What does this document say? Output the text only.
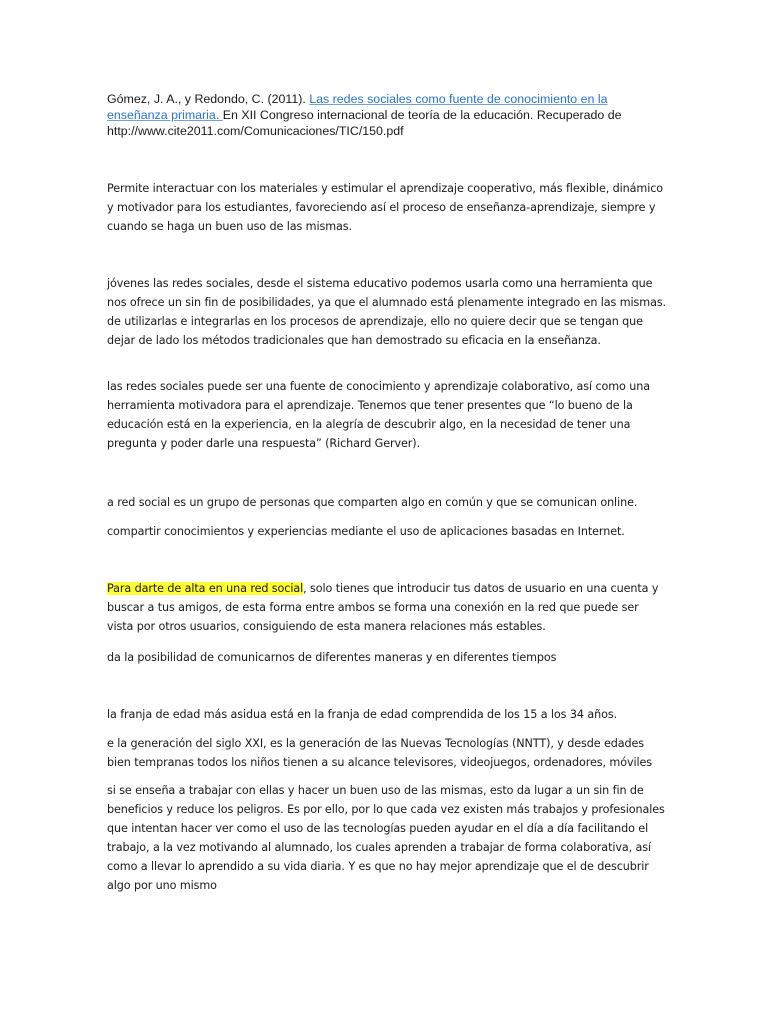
Gómez, J. A., y Redondo, C. (2011). Las redes sociales como fuente de conocimiento en la enseñanza primaria. En XII Congreso internacional de teoría de la educación. Recuperado de http://www.cite2011.com/Comunicaciones/TIC/150.pdf

Permite interactuar con los materiales y estimular el aprendizaje cooperativo, más flexible, dinámico y motivador para los estudiantes, favoreciendo así el proceso de enseñanza-aprendizaje, siempre y cuando se haga un buen uso de las mismas.

jóvenes las redes sociales, desde el sistema educativo podemos usarla como una herramienta que nos ofrece un sin fin de posibilidades, ya que el alumnado está plenamente integrado en las mismas. de utilizarlas e integrarlas en los procesos de aprendizaje, ello no quiere decir que se tengan que dejar de lado los métodos tradicionales que han demostrado su eficacia en la enseñanza.

las redes sociales puede ser una fuente de conocimiento y aprendizaje colaborativo, así como una herramienta motivadora para el aprendizaje. Tenemos que tener presentes que “lo bueno de la educación está en la experiencia, en la alegría de descubrir algo, en la necesidad de tener una pregunta y poder darle una respuesta” (Richard Gerver).

a red social es un grupo de personas que comparten algo en común y que se comunican online.

compartir conocimientos y experiencias mediante el uso de aplicaciones basadas en Internet.

Para darte de alta en una red social, solo tienes que introducir tus datos de usuario en una cuenta y buscar a tus amigos, de esta forma entre ambos se forma una conexión en la red que puede ser vista por otros usuarios, consiguiendo de esta manera relaciones más estables.

da la posibilidad de comunicarnos de diferentes maneras y en diferentes tiempos

la franja de edad más asidua está en la franja de edad comprendida de los 15 a los 34 años.

e la generación del siglo XXI, es la generación de las Nuevas Tecnologías (NNTT), y desde edades bien tempranas todos los niños tienen a su alcance televisores, videojuegos, ordenadores, móviles

si se enseña a trabajar con ellas y hacer un buen uso de las mismas, esto da lugar a un sin fin de beneficios y reduce los peligros. Es por ello, por lo que cada vez existen más trabajos y profesionales que intentan hacer ver como el uso de las tecnologías pueden ayudar en el día a día facilitando el trabajo, a la vez motivando al alumnado, los cuales aprenden a trabajar de forma colaborativa, así como a llevar lo aprendido a su vida diaria. Y es que no hay mejor aprendizaje que el de descubrir algo por uno mismo
